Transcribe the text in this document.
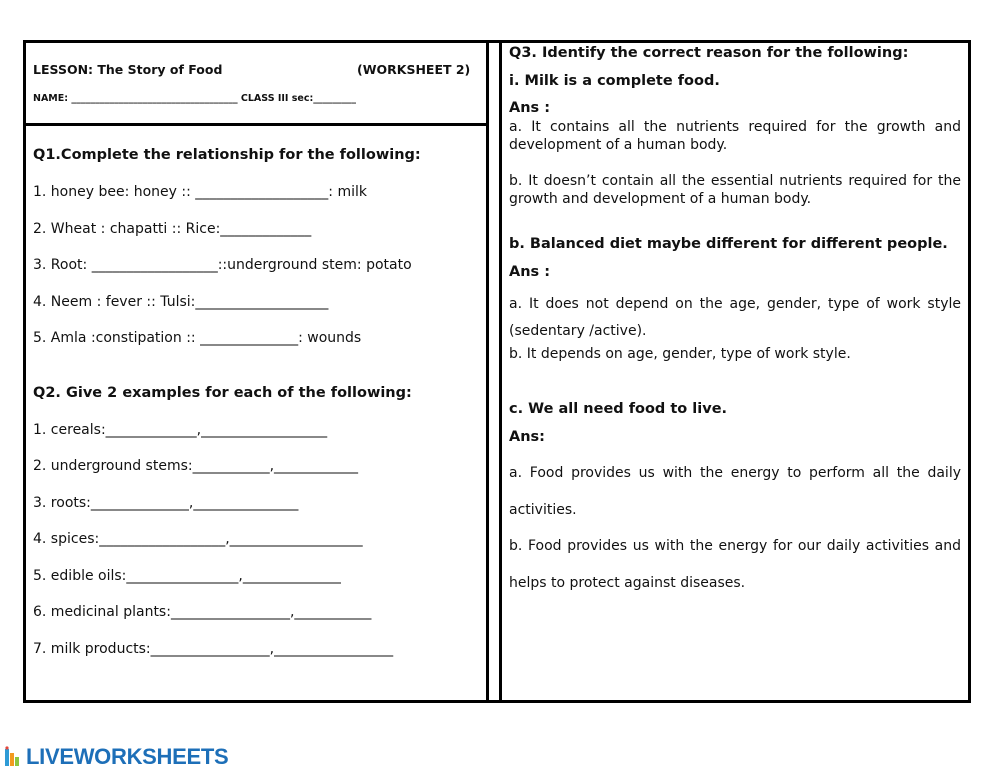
LESSON: The Story of Food	(WORKSHEET 2)
NAME: ___________________________________ CLASS III sec:_________
Q1.Complete the relationship for the following:
1. honey bee: honey :: ___________________: milk
2. Wheat : chapatti :: Rice:_____________
3. Root: __________________::underground stem: potato
4. Neem : fever :: Tulsi:___________________
5. Amla :constipation :: ______________: wounds
Q2. Give 2 examples for each of the following:
1. cereals:_____________,__________________
2. underground stems:___________,____________
3. roots:______________,_______________
4. spices:__________________,___________________
5. edible oils:________________,______________
6. medicinal plants:_________________,___________
7. milk products:_________________,_________________
Q3. Identify the correct reason for the following:
i. Milk is a complete food.
Ans :
a. It contains all the nutrients required for the growth and development of a human body.
b. It doesn’t contain all the essential nutrients required for the growth and development of a human body.
b. Balanced diet maybe different for different people.
Ans :
a. It does not depend on the age, gender, type of work style (sedentary /active).
b. It depends on age, gender, type of work style.
c. We all need food to live.
Ans:
a. Food provides us with the energy to perform all the daily
activities.
b. Food provides us with the energy for our daily activities and
helps to protect against diseases.
LIVEWORKSHEETS
